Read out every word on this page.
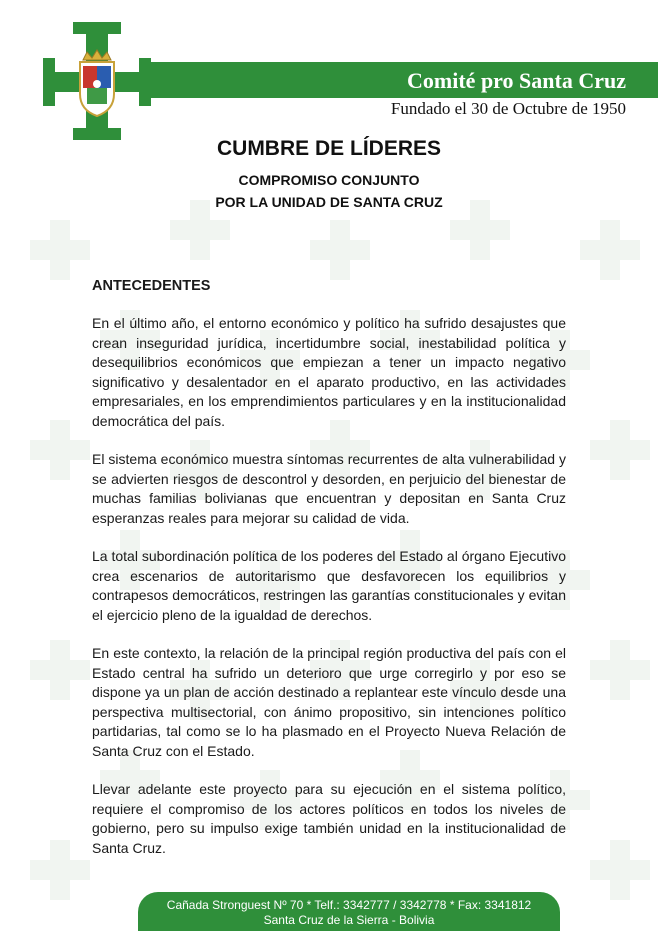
Comité pro Santa Cruz
Fundado el 30 de Octubre de 1950
CUMBRE DE LÍDERES
COMPROMISO CONJUNTO
POR LA UNIDAD DE SANTA CRUZ

ANTECEDENTES

En el último año, el entorno económico y político ha sufrido desajustes que crean inseguridad jurídica, incertidumbre social, inestabilidad política y desequilibrios económicos que empiezan a tener un impacto negativo significativo y desalentador en el aparato productivo, en las actividades empresariales, en los emprendimientos particulares y en la institucionalidad democrática del país.

El sistema económico muestra síntomas recurrentes de alta vulnerabilidad y se advierten riesgos de descontrol y desorden, en perjuicio del bienestar de muchas familias bolivianas que encuentran y depositan en Santa Cruz esperanzas reales para mejorar su calidad de vida.

La total subordinación política de los poderes del Estado al órgano Ejecutivo crea escenarios de autoritarismo que desfavorecen los equilibrios y contrapesos democráticos, restringen las garantías constitucionales y evitan el ejercicio pleno de la igualdad de derechos.

En este contexto, la relación de la principal región productiva del país con el Estado central ha sufrido un deterioro que urge corregirlo y por eso se dispone ya un plan de acción destinado a replantear este vínculo desde una perspectiva multisectorial, con ánimo propositivo, sin intenciones político partidarias, tal como se lo ha plasmado en el Proyecto Nueva Relación de Santa Cruz con el Estado.

Llevar adelante este proyecto para su ejecución en el sistema político, requiere el compromiso de los actores políticos en todos los niveles de gobierno, pero su impulso exige también unidad en la institucionalidad de Santa Cruz.

Cañada Stronguest Nº 70 * Telf.: 3342777 / 3342778 * Fax: 3341812
Santa Cruz de la Sierra - Bolivia
